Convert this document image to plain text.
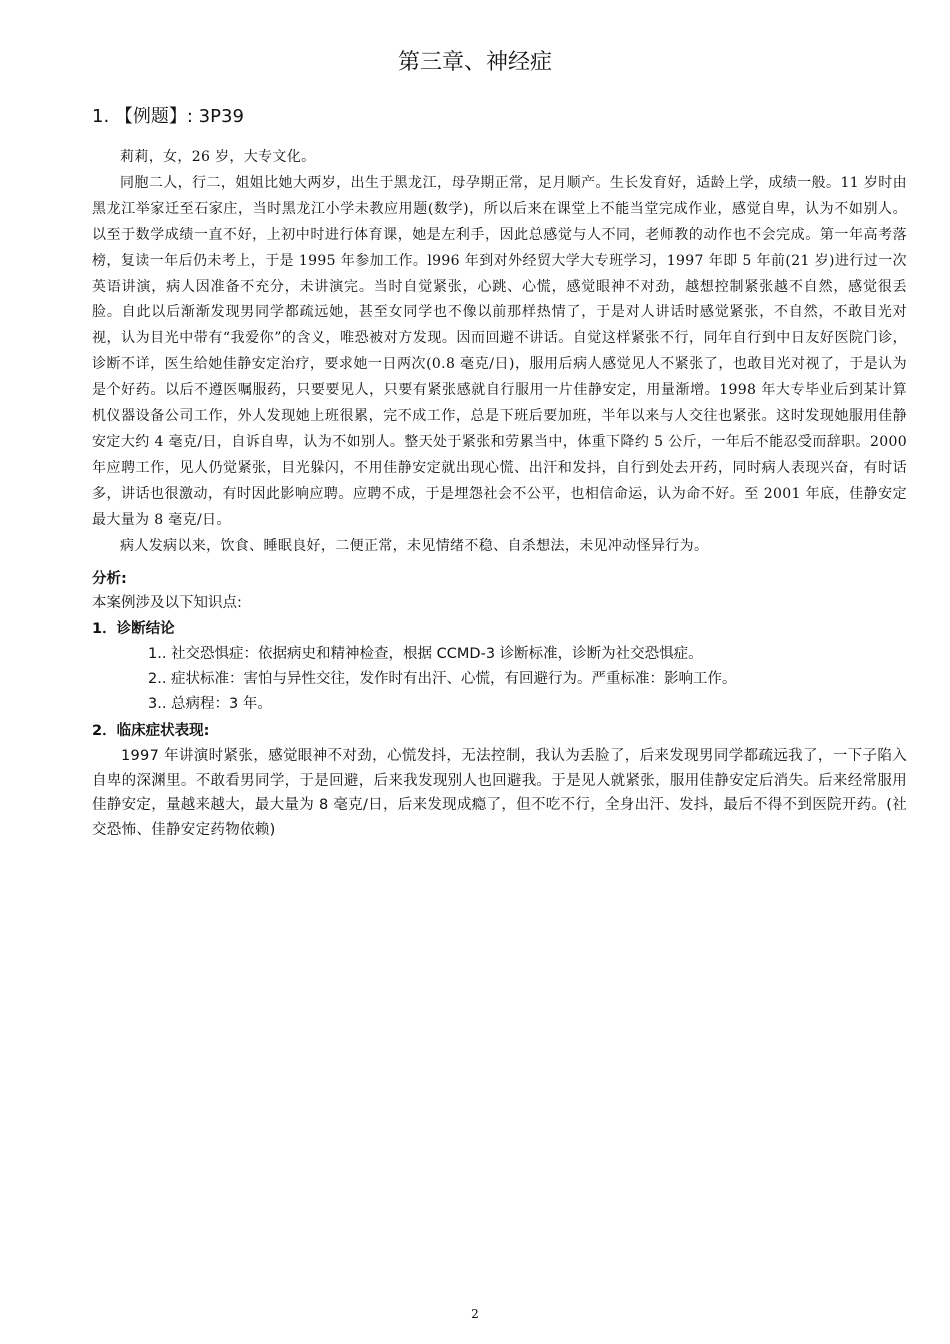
第三章、神经症
1. 【例题】: 3P39

莉莉，女，26 岁，大专文化。

同胞二人，行二，姐姐比她大两岁，出生于黑龙江，母孕期正常，足月顺产。生长发育好，适龄上学，成绩一般。11 岁时由黑龙江举家迁至石家庄，当时黑龙江小学未教应用题(数学)，所以后来在课堂上不能当堂完成作业，感觉自卑，认为不如别人。以至于数学成绩一直不好，上初中时进行体育课，她是左利手，因此总感觉与人不同，老师教的动作也不会完成。第一年高考落榜，复读一年后仍未考上，于是 1995 年参加工作。l996 年到对外经贸大学大专班学习，1997 年即 5 年前(21 岁)进行过一次英语讲演，病人因准备不充分，未讲演完。当时自觉紧张，心跳、心慌，感觉眼神不对劲，越想控制紧张越不自然，感觉很丢脸。自此以后渐渐发现男同学都疏远她，甚至女同学也不像以前那样热情了，于是对人讲话时感觉紧张，不自然，不敢目光对视，认为目光中带有“我爱你”的含义，唯恐被对方发现。因而回避不讲话。自觉这样紧张不行，同年自行到中日友好医院门诊，诊断不详，医生给她佳静安定治疗，要求她一日两次(0.8 毫克/日)，服用后病人感觉见人不紧张了，也敢目光对视了，于是认为是个好药。以后不遵医嘱服药，只要要见人，只要有紧张感就自行服用一片佳静安定，用量渐增。1998 年大专毕业后到某计算机仪器设备公司工作，外人发现她上班很累，完不成工作，总是下班后要加班，半年以来与人交往也紧张。这时发现她服用佳静安定大约 4 毫克/日，自诉自卑，认为不如别人。整天处于紧张和劳累当中，体重下降约 5 公斤，一年后不能忍受而辞职。2000 年应聘工作，见人仍觉紧张，目光躲闪，不用佳静安定就出现心慌、出汗和发抖，自行到处去开药，同时病人表现兴奋，有时话多，讲话也很激动，有时因此影响应聘。应聘不成，于是埋怨社会不公平，也相信命运，认为命不好。至 2001 年底，佳静安定最大量为 8 毫克/日。

病人发病以来，饮食、睡眠良好，二便正常，未见情绪不稳、自杀想法，未见冲动怪异行为。

分析:

本案例涉及以下知识点:

1．诊断结论

1.. 社交恐惧症：依据病史和精神检查，根据 CCMD-3 诊断标准，诊断为社交恐惧症。

2.. 症状标准：害怕与异性交往，发作时有出汗、心慌，有回避行为。严重标准：影响工作。

3.. 总病程：3 年。

2．临床症状表现:

1997 年讲演时紧张，感觉眼神不对劲，心慌发抖，无法控制，我认为丢脸了，后来发现男同学都疏远我了，一下子陷入自卑的深渊里。不敢看男同学，于是回避，后来我发现别人也回避我。于是见人就紧张，服用佳静安定后消失。后来经常服用佳静安定，量越来越大，最大量为 8 毫克/日，后来发现成瘾了，但不吃不行，全身出汗、发抖，最后不得不到医院开药。(社交恐怖、佳静安定药物依赖)

2
